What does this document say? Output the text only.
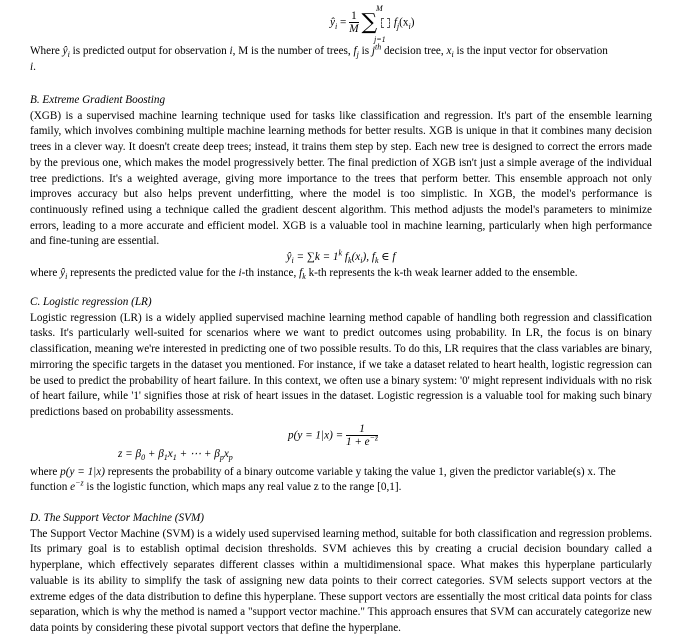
M
j=1
$ŷ_i = \frac{1}{M}$ ∑ $f_j(x_i)$

Where $ŷ_i$ is predicted output for observation i, M is the number of trees, $f_j$ is $j^{th}$ decision tree, $x_i$ is the input vector for observation
i.

B. Extreme Gradient Boosting

(XGB) is a supervised machine learning technique used for tasks like classification and regression. It's part of the ensemble learning family, which involves combining multiple machine learning methods for better results. XGB is unique in that it combines many decision trees in a clever way. It doesn't create deep trees; instead, it trains them step by step. Each new tree is designed to correct the errors made by the previous one, which makes the model progressively better. The final prediction of XGB isn't just a simple average of the individual tree predictions. It's a weighted average, giving more importance to the trees that perform better. This ensemble approach not only improves accuracy but also helps prevent underfitting, where the model is too simplistic. In XGB, the model's performance is continuously refined using a technique called the gradient descent algorithm. This method adjusts the model's parameters to minimize errors, leading to a more accurate and efficient model. XGB is a valuable tool in machine learning, particularly when high performance and fine-tuning are essential.

$ŷ_i = \sum k = 1^k$ $f_k(x_i)$, $f_k$ ∈ f

where $ŷ_i$ represents the predicted value for the i-th instance, $f_k$ k-th represents the k-th weak learner added to the ensemble.

C. Logistic regression (LR)

Logistic regression (LR) is a widely applied supervised machine learning method capable of handling both regression and classification tasks. It's particularly well-suited for scenarios where we want to predict outcomes using probability. In LR, the focus is on binary classification, meaning we're interested in predicting one of two possible results. To do this, LR requires that the class variables are binary, mirroring the specific targets in the dataset you mentioned. For instance, if we take a dataset related to heart health, logistic regression can be used to predict the probability of heart failure. In this context, we often use a binary system: '0' might represent individuals with no risk of heart failure, while '1' signifies those at risk of heart issues in the dataset. Logistic regression is a valuable tool for making such binary predictions based on probability assessments.

$p(y = 1|x) = \frac{1}{1 + e^{-z}}$
$z = \beta_0 + \beta_1x_1$ + ⋯ + $\beta_px_p$

where p(y = 1|x) represents the probability of a binary outcome variable y taking the value 1, given the predictor variable(s) x. The
function $e^{-z}$ is the logistic function, which maps any real value z to the range [0,1].

D. The Support Vector Machine (SVM)

The Support Vector Machine (SVM) is a widely used supervised learning method, suitable for both classification and regression problems. Its primary goal is to establish optimal decision thresholds. SVM achieves this by creating a crucial decision boundary called a hyperplane, which effectively separates different classes within a multidimensional space. What makes this hyperplane particularly valuable is its ability to simplify the task of assigning new data points to their correct categories. SVM selects support vectors at the extreme edges of the data distribution to define this hyperplane. These support vectors are essentially the most critical data points for class separation, which is why the method is named a "support vector machine." This approach ensures that SVM can accurately categorize new data points by considering these pivotal support vectors that define the hyperplane.
